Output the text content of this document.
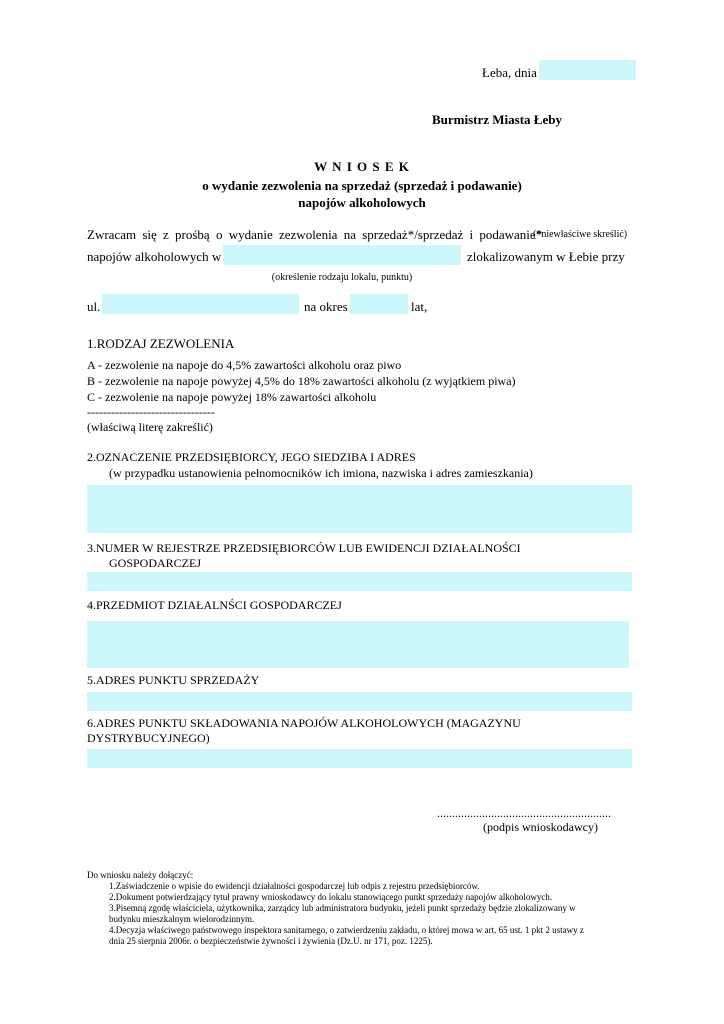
Łeba, dnia
Burmistrz Miasta Łeby
W N I O S E K
o wydanie zezwolenia na sprzedaż (sprzedaż i podawanie)
napojów alkoholowych
Zwracam się z prośbą o wydanie zezwolenia na sprzedaż*/sprzedaż i podawanie*
(*niewłaściwe skreślić)
napojów alkoholowych w	zlokalizowanym w Łebie przy
(określenie rodzaju lokalu, punktu)
ul.	na okres	lat,
1.RODZAJ ZEZWOLENIA
A - zezwolenie na napoje do 4,5% zawartości alkoholu oraz piwo
B - zezwolenie na napoje powyżej 4,5% do 18% zawartości alkoholu (z wyjątkiem piwa)
C - zezwolenie na napoje powyżej 18% zawartości alkoholu
--------------------------------
(właściwą literę zakreślić)
2.OZNACZENIE PRZEDSIĘBIORCY, JEGO SIEDZIBA I ADRES
(w przypadku ustanowienia pełnomocników ich imiona, nazwiska i adres zamieszkania)
3.NUMER W REJESTRZE PRZEDSIĘBIORCÓW LUB EWIDENCJI DZIAŁALNOŚCI
GOSPODARCZEJ
4.PRZEDMIOT DZIAŁALNŚCI GOSPODARCZEJ
5.ADRES PUNKTU SPRZEDAŻY
6.ADRES PUNKTU SKŁADOWANIA NAPOJÓW ALKOHOLOWYCH (MAGAZYNU
DYSTRYBUCYJNEGO)
..........................................................
(podpis wnioskodawcy)
Do wniosku należy dołączyć:
1.Zaświadczenie o wpisie do ewidencji działalności gospodarczej lub odpis z rejestru przedsiębiorców.
2.Dokument potwierdzający tytuł prawny wnioskodawcy do lokalu stanowiącego punkt sprzedaży napojów alkoholowych.
3.Pisemną zgodę właściciela, użytkownika, zarządcy lub administratora budynku, jeżeli punkt sprzedaży będzie zlokalizowany w
budynku mieszkalnym wielorodzinnym.
4.Decyzja właściwego państwowego inspektora sanitarnego, o zatwierdzeniu zakładu, o której mowa w art. 65 ust. 1 pkt 2 ustawy z
dnia 25 sierpnia 2006r. o bezpieczeństwie żywności i żywienia (Dz.U. nr 171, poz. 1225).
